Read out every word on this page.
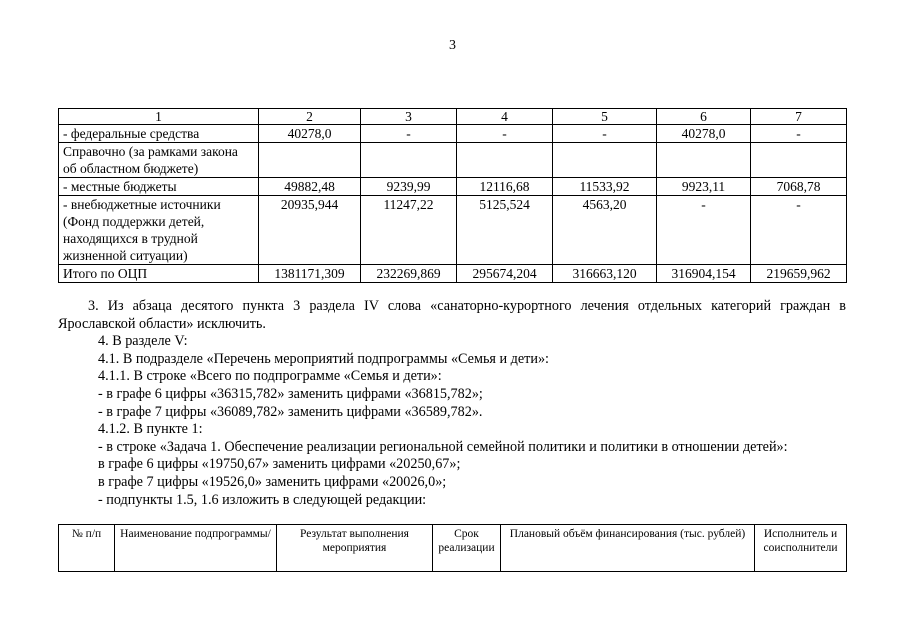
3
1	2	3	4	5	6	7
- федеральные средства	40278,0	-	-	-	40278,0	-
Справочно (за рамками закона об областном бюджете)						
- местные бюджеты	49882,48	9239,99	12116,68	11533,92	9923,11	7068,78
- внебюджетные источники (Фонд поддержки детей, находящихся в трудной жизненной ситуации)	20935,944	11247,22	5125,524	4563,20	-	-
Итого по ОЦП	1381171,309	232269,869	295674,204	316663,120	316904,154	219659,962

3. Из абзаца десятого пункта 3 раздела IV слова «санаторно-курортного лечения отдельных категорий граждан в Ярославской области» исключить.

4. В разделе V:

4.1. В подразделе «Перечень мероприятий подпрограммы «Семья и дети»:

4.1.1. В строке «Всего по подпрограмме «Семья и дети»:

- в графе 6 цифры «36315,782» заменить цифрами «36815,782»;

- в графе 7 цифры «36089,782» заменить цифрами «36589,782».

4.1.2. В пункте 1:

- в строке «Задача 1. Обеспечение реализации региональной семейной политики и политики в отношении детей»:

в графе 6 цифры «19750,67» заменить цифрами «20250,67»;

в графе 7 цифры «19526,0» заменить цифрами «20026,0»;

- подпункты 1.5, 1.6 изложить в следующей редакции:

№ п/п	Наименование подпрограммы/	Результат выполнения мероприятия	Срок реализации	Плановый объём финансирования (тыс. рублей)	Исполнитель и соисполнители
